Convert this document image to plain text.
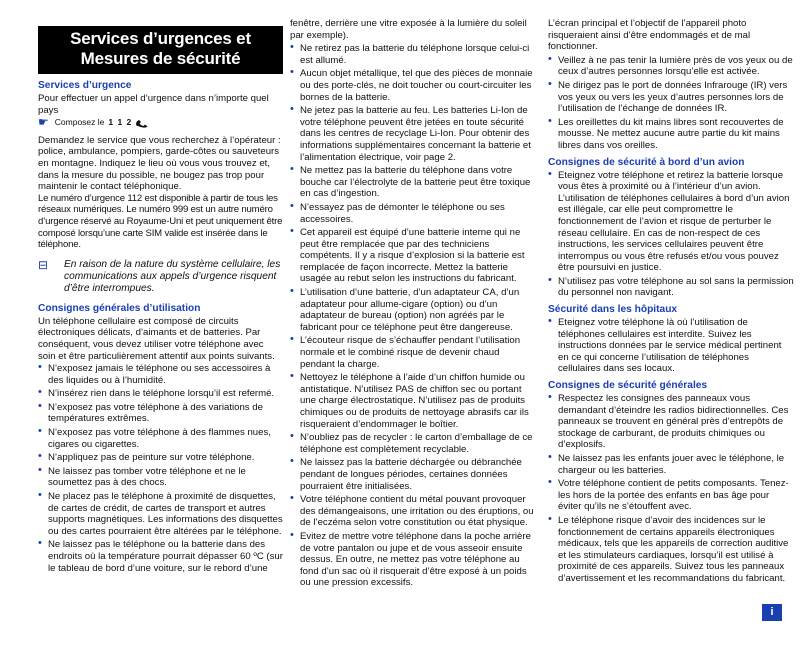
Services d’urgences et
Mesures de sécurité
Services d’urgence

Pour effectuer un appel d’urgence dans n’importe quel pays

☛ Composez le 1 1 2

Demandez le service que vous recherchez à l’opérateur : police, ambulance, pompiers, garde-côtes ou sauveteurs en montagne. Indiquez le lieu où vous vous trouvez et, dans la mesure du possible, ne bougez pas trop pour maintenir le contact téléphonique.

Le numéro d’urgence 112 est disponible à partir de tous les réseaux numériques. Le numéro 999 est un autre numéro d’urgence réservé au Royaume-Uni et peut uniquement être composé lorsqu’une carte SIM valide est insérée dans le téléphone.

⊟	En raison de la nature du système cellulaire, les communications aux appels d’urgence risquent d’être interrompues.
Consignes générales d’utilisation

Un téléphone cellulaire est composé de circuits électroniques délicats, d’aimants et de batteries. Par conséquent, vous devez utiliser votre téléphone avec soin et être particulièrement attentif aux points suivants.

• N’exposez jamais le téléphone ou ses accessoires à des liquides ou à l’humidité.
• N’insérez rien dans le téléphone lorsqu’il est refermé.
• N’exposez pas votre téléphone à des variations de températures extrêmes.
• N’exposez pas votre téléphone à des flammes nues, cigares ou cigarettes.
• N’appliquez pas de peinture sur votre téléphone.
• Ne laissez pas tomber votre téléphone et ne le soumettez pas à des chocs.
• Ne placez pas le téléphone à proximité de disquettes, de cartes de crédit, de cartes de transport et autres supports magnétiques. Les informations des disquettes ou des cartes pourraient être altérées par le téléphone.
• Ne laissez pas le téléphone ou la batterie dans des endroits où la température pourrait dépasser 60 ºC (sur le tableau de bord d’une voiture, sur le rebord d’une

fenêtre, derrière une vitre exposée à la lumière du soleil par exemple).

• Ne retirez pas la batterie du téléphone lorsque celui-ci est allumé.
• Aucun objet métallique, tel que des pièces de monnaie ou des porte-clés, ne doit toucher ou court-circuiter les bornes de la batterie.
• Ne jetez pas la batterie au feu. Les batteries Li-Ion de votre téléphone peuvent être jetées en toute sécurité dans les centres de recyclage Li-Ion. Pour obtenir des informations supplémentaires concernant la batterie et l’alimentation électrique, voir page 2.
• Ne mettez pas la batterie du téléphone dans votre bouche car l’électrolyte de la batterie peut être toxique en cas d’ingestion.
• N’essayez pas de démonter le téléphone ou ses accessoires.
• Cet appareil est équipé d’une batterie interne qui ne peut être remplacée que par des techniciens compétents. Il y a risque d’explosion si la batterie est remplacée de façon incorrecte. Mettez la batterie usagée au rebut selon les instructions du fabricant.
• L’utilisation d’une batterie, d’un adaptateur CA, d’un adaptateur pour allume-cigare (option) ou d’un adaptateur de bureau (option) non agréés par le fabricant pour ce téléphone peut être dangereuse.
• L’écouteur risque de s’échauffer pendant l’utilisation normale et le combiné risque de devenir chaud pendant la charge.
• Nettoyez le téléphone à l’aide d’un chiffon humide ou antistatique. N’utilisez PAS de chiffon sec ou portant une charge électrostatique. N’utilisez pas de produits chimiques ou de produits de nettoyage abrasifs car ils risqueraient d’endommager le boîtier.
• N’oubliez pas de recycler : le carton d’emballage de ce téléphone est complètement recyclable.
• Ne laissez pas la batterie déchargée ou débranchée pendant de longues périodes, certaines données pourraient être initialisées.
• Votre téléphone contient du métal pouvant provoquer des démangeaisons, une irritation ou des éruptions, ou de l’eczéma selon votre constitution ou état physique.
• Evitez de mettre votre téléphone dans la poche arrière de votre pantalon ou jupe et de vous asseoir ensuite dessus. En outre, ne mettez pas votre téléphone au fond d’un sac où il risquerait d’être exposé à un poids ou une pression excessifs.

L’écran principal et l’objectif de l’appareil photo risqueraient ainsi d’être endommagés et de mal fonctionner.

• Veillez à ne pas tenir la lumière près de vos yeux ou de ceux d’autres personnes lorsqu’elle est activée.
• Ne dirigez pas le port de données Infrarouge (IR) vers vos yeux ou vers les yeux d’autres personnes lors de l’utilisation de l’échange de données IR.
• Les oreillettes du kit mains libres sont recouvertes de mousse. Ne mettez aucune autre partie du kit mains libres dans vos oreilles.
Consignes de sécurité à bord d’un avion
• Eteignez votre téléphone et retirez la batterie lorsque vous êtes à proximité ou à l’intérieur d’un avion. L’utilisation de téléphones cellulaires à bord d’un avion est illégale, car elle peut compromettre le fonctionnement de l’avion et risque de perturber le réseau cellulaire. En cas de non-respect de ces instructions, les services cellulaires peuvent être interrompus ou vous être refusés et/ou vous pouvez être poursuivi en justice.
• N’utilisez pas votre téléphone au sol sans la permission du personnel non navigant.
Sécurité dans les hôpitaux
• Eteignez votre téléphone là où l’utilisation de téléphones cellulaires est interdite. Suivez les instructions données par le service médical pertinent en ce qui concerne l’utilisation de téléphones cellulaires dans ses locaux.
Consignes de sécurité générales
• Respectez les consignes des panneaux vous demandant d’éteindre les radios bidirectionnelles. Ces panneaux se trouvent en général près d’entrepôts de stockage de carburant, de produits chimiques ou d’explosifs.
• Ne laissez pas les enfants jouer avec le téléphone, le chargeur ou les batteries.
• Votre téléphone contient de petits composants. Tenez-les hors de la portée des enfants en bas âge pour éviter qu’ils ne s’étouffent avec.
• Le téléphone risque d’avoir des incidences sur le fonctionnement de certains appareils électroniques médicaux, tels que les appareils de correction auditive et les stimulateurs cardiaques, lorsqu’il est utilisé à proximité de ces appareils. Suivez tous les panneaux d’avertissement et les recommandations du fabricant.
i
